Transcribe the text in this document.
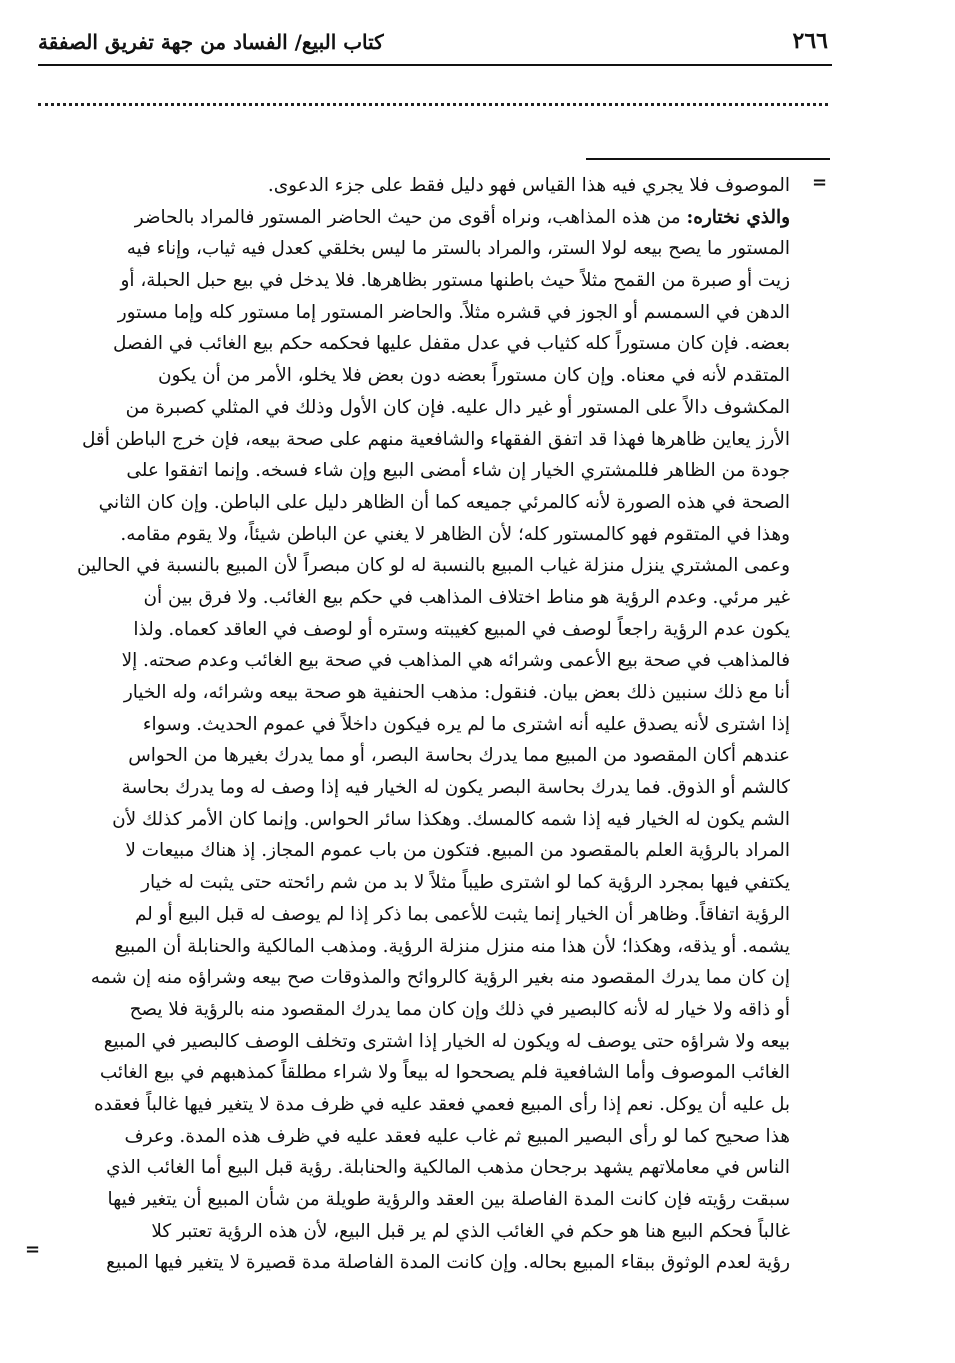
٢٦٦
كتاب البيع/ الفساد من جهة تفريق الصفقة
=
=
الموصوف فلا يجري فيه هذا القياس فهو دليل فقط على جزء الدعوى.
والذي نختاره: من هذه المذاهب، ونراه أقوى من حيث الحاضر المستور فالمراد بالحاضر
المستور ما يصح بيعه لولا الستر، والمراد بالستر ما ليس بخلقي كعدل فيه ثياب، وإناء فيه
زيت أو صبرة من القمح مثلاً حيث باطنها مستور بظاهرها. فلا يدخل في بيع حبل الحبلة، أو
الدهن في السمسم أو الجوز في قشره مثلاً. والحاضر المستور إما مستور كله وإما مستور
بعضه. فإن كان مستوراً كله كثياب في عدل مقفل عليها فحكمه حكم بيع الغائب في الفصل
المتقدم لأنه في معناه. وإن كان مستوراً بعضه دون بعض فلا يخلو، الأمر من أن يكون
المكشوف دالاً على المستور أو غير دال عليه. فإن كان الأول وذلك في المثلي كصبرة من
الأرز يعاين ظاهرها فهذا قد اتفق الفقهاء والشافعية منهم على صحة بيعه، فإن خرج الباطن أقل
جودة من الظاهر فللمشتري الخيار إن شاء أمضى البيع وإن شاء فسخه. وإنما اتفقوا على
الصحة في هذه الصورة لأنه كالمرئي جميعه كما أن الظاهر دليل على الباطن. وإن كان الثاني
وهذا في المتقوم فهو كالمستور كله؛ لأن الظاهر لا يغني عن الباطن شيئاً، ولا يقوم مقامه.
وعمى المشتري ينزل منزلة غياب المبيع بالنسبة له لو كان مبصراً لأن المبيع بالنسبة في الحالين
غير مرئي. وعدم الرؤية هو مناط اختلاف المذاهب في حكم بيع الغائب. ولا فرق بين أن
يكون عدم الرؤية راجعاً لوصف في المبيع كغيبته وستره أو لوصف في العاقد كعماه. ولذا
فالمذاهب في صحة بيع الأعمى وشرائه هي المذاهب في صحة بيع الغائب وعدم صحته. إلا
أنا مع ذلك سنبين ذلك بعض بيان. فنقول: مذهب الحنفية هو صحة بيعه وشرائه، وله الخيار
إذا اشترى لأنه يصدق عليه أنه اشترى ما لم يره فيكون داخلاً في عموم الحديث. وسواء
عندهم أكان المقصود من المبيع مما يدرك بحاسة البصر، أو مما يدرك بغيرها من الحواس
كالشم أو الذوق. فما يدرك بحاسة البصر يكون له الخيار فيه إذا وصف له وما يدرك بحاسة
الشم يكون له الخيار فيه إذا شمه كالمسك. وهكذا سائر الحواس. وإنما كان الأمر كذلك لأن
المراد بالرؤية العلم بالمقصود من المبيع. فتكون من باب عموم المجاز. إذ هناك مبيعات لا
يكتفي فيها بمجرد الرؤية كما لو اشترى طيباً مثلاً لا بد من شم رائحته حتى يثبت له خيار
الرؤية اتفاقاً. وظاهر أن الخيار إنما يثبت للأعمى بما ذكر إذا لم يوصف له قبل البيع أو لم
يشمه. أو يذقه، وهكذا؛ لأن هذا منه منزل منزلة الرؤية. ومذهب المالكية والحنابلة أن المبيع
إن كان مما يدرك المقصود منه بغير الرؤية كالروائح والمذوقات صح بيعه وشراؤه منه إن شمه
أو ذاقه ولا خيار له لأنه كالبصير في ذلك وإن كان مما يدرك المقصود منه بالرؤية فلا يصح
بيعه ولا شراؤه حتى يوصف له ويكون له الخيار إذا اشترى وتخلف الوصف كالبصير في المبيع
الغائب الموصوف وأما الشافعية فلم يصححوا له بيعاً ولا شراء مطلقاً كمذهبهم في بيع الغائب
بل عليه أن يوكل. نعم إذا رأى المبيع فعمي فعقد عليه في ظرف مدة لا يتغير فيها غالباً فعقده
هذا صحيح كما لو رأى البصير المبيع ثم غاب عليه فعقد عليه في ظرف هذه المدة. وعرف
الناس في معاملاتهم يشهد برجحان مذهب المالكية والحنابلة. رؤية قبل البيع أما الغائب الذي
سبقت رؤيته فإن كانت المدة الفاصلة بين العقد والرؤية طويلة من شأن المبيع أن يتغير فيها
غالباً فحكم البيع هنا هو حكم في الغائب الذي لم ير قبل البيع، لأن هذه الرؤية تعتبر كلا
رؤية لعدم الوثوق ببقاء المبيع بحاله. وإن كانت المدة الفاصلة مدة قصيرة لا يتغير فيها المبيع
